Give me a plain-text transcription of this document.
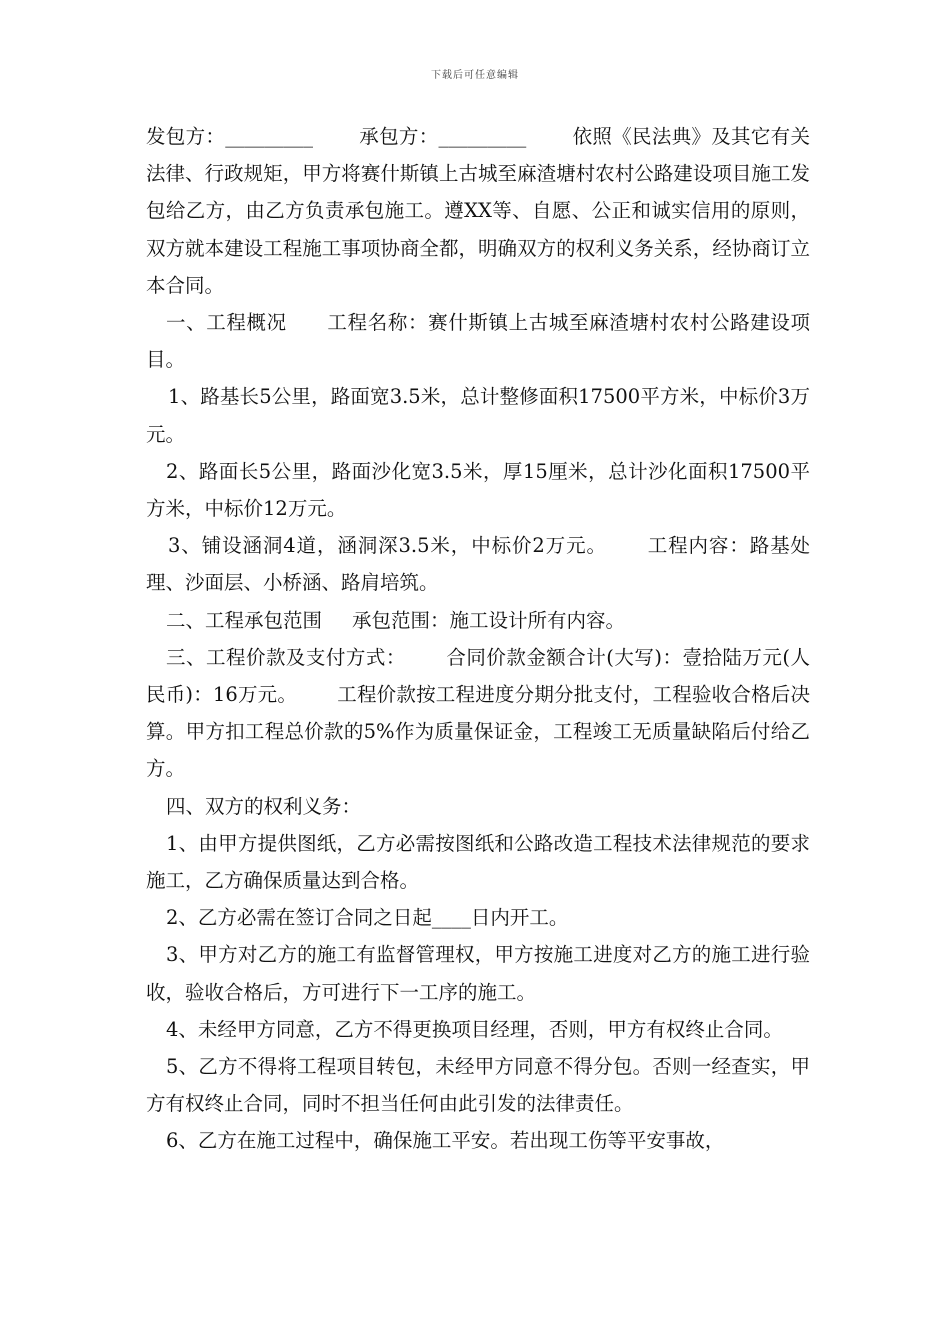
下载后可任意编辑

发包方：_________ 承包方：_________ 依照《民法典》及其它有关法律、行政规矩，甲方将赛什斯镇上古城至麻渣塘村农村公路建设项目施工发包给乙方，由乙方负责承包施工。遵XX等、自愿、公正和诚实信用的原则，双方就本建设工程施工事项协商全都，明确双方的权利义务关系，经协商订立本合同。

一、工程概况 工程名称：赛什斯镇上古城至麻渣塘村农村公路建设项目。

1、路基长5公里，路面宽3.5米，总计整修面积17500平方米，中标价3万元。

2、路面长5公里，路面沙化宽3.5米，厚15厘米，总计沙化面积17500平方米，中标价12万元。

3、铺设涵洞4道，涵洞深3.5米，中标价2万元。 工程内容：路基处理、沙面层、小桥涵、路肩培筑。

二、工程承包范围 承包范围：施工设计所有内容。

三、工程价款及支付方式： 合同价款金额合计(大写)：壹拾陆万元(人民币)：16万元。 工程价款按工程进度分期分批支付，工程验收合格后决算。甲方扣工程总价款的5%作为质量保证金，工程竣工无质量缺陷后付给乙方。

四、双方的权利义务：

1、由甲方提供图纸，乙方必需按图纸和公路改造工程技术法律规范的要求施工，乙方确保质量达到合格。

2、乙方必需在签订合同之日起____日内开工。

3、甲方对乙方的施工有监督管理权，甲方按施工进度对乙方的施工进行验收，验收合格后，方可进行下一工序的施工。

4、未经甲方同意，乙方不得更换项目经理，否则，甲方有权终止合同。

5、乙方不得将工程项目转包，未经甲方同意不得分包。否则一经查实，甲方有权终止合同，同时不担当任何由此引发的法律责任。

6、乙方在施工过程中，确保施工平安。若出现工伤等平安事故，
